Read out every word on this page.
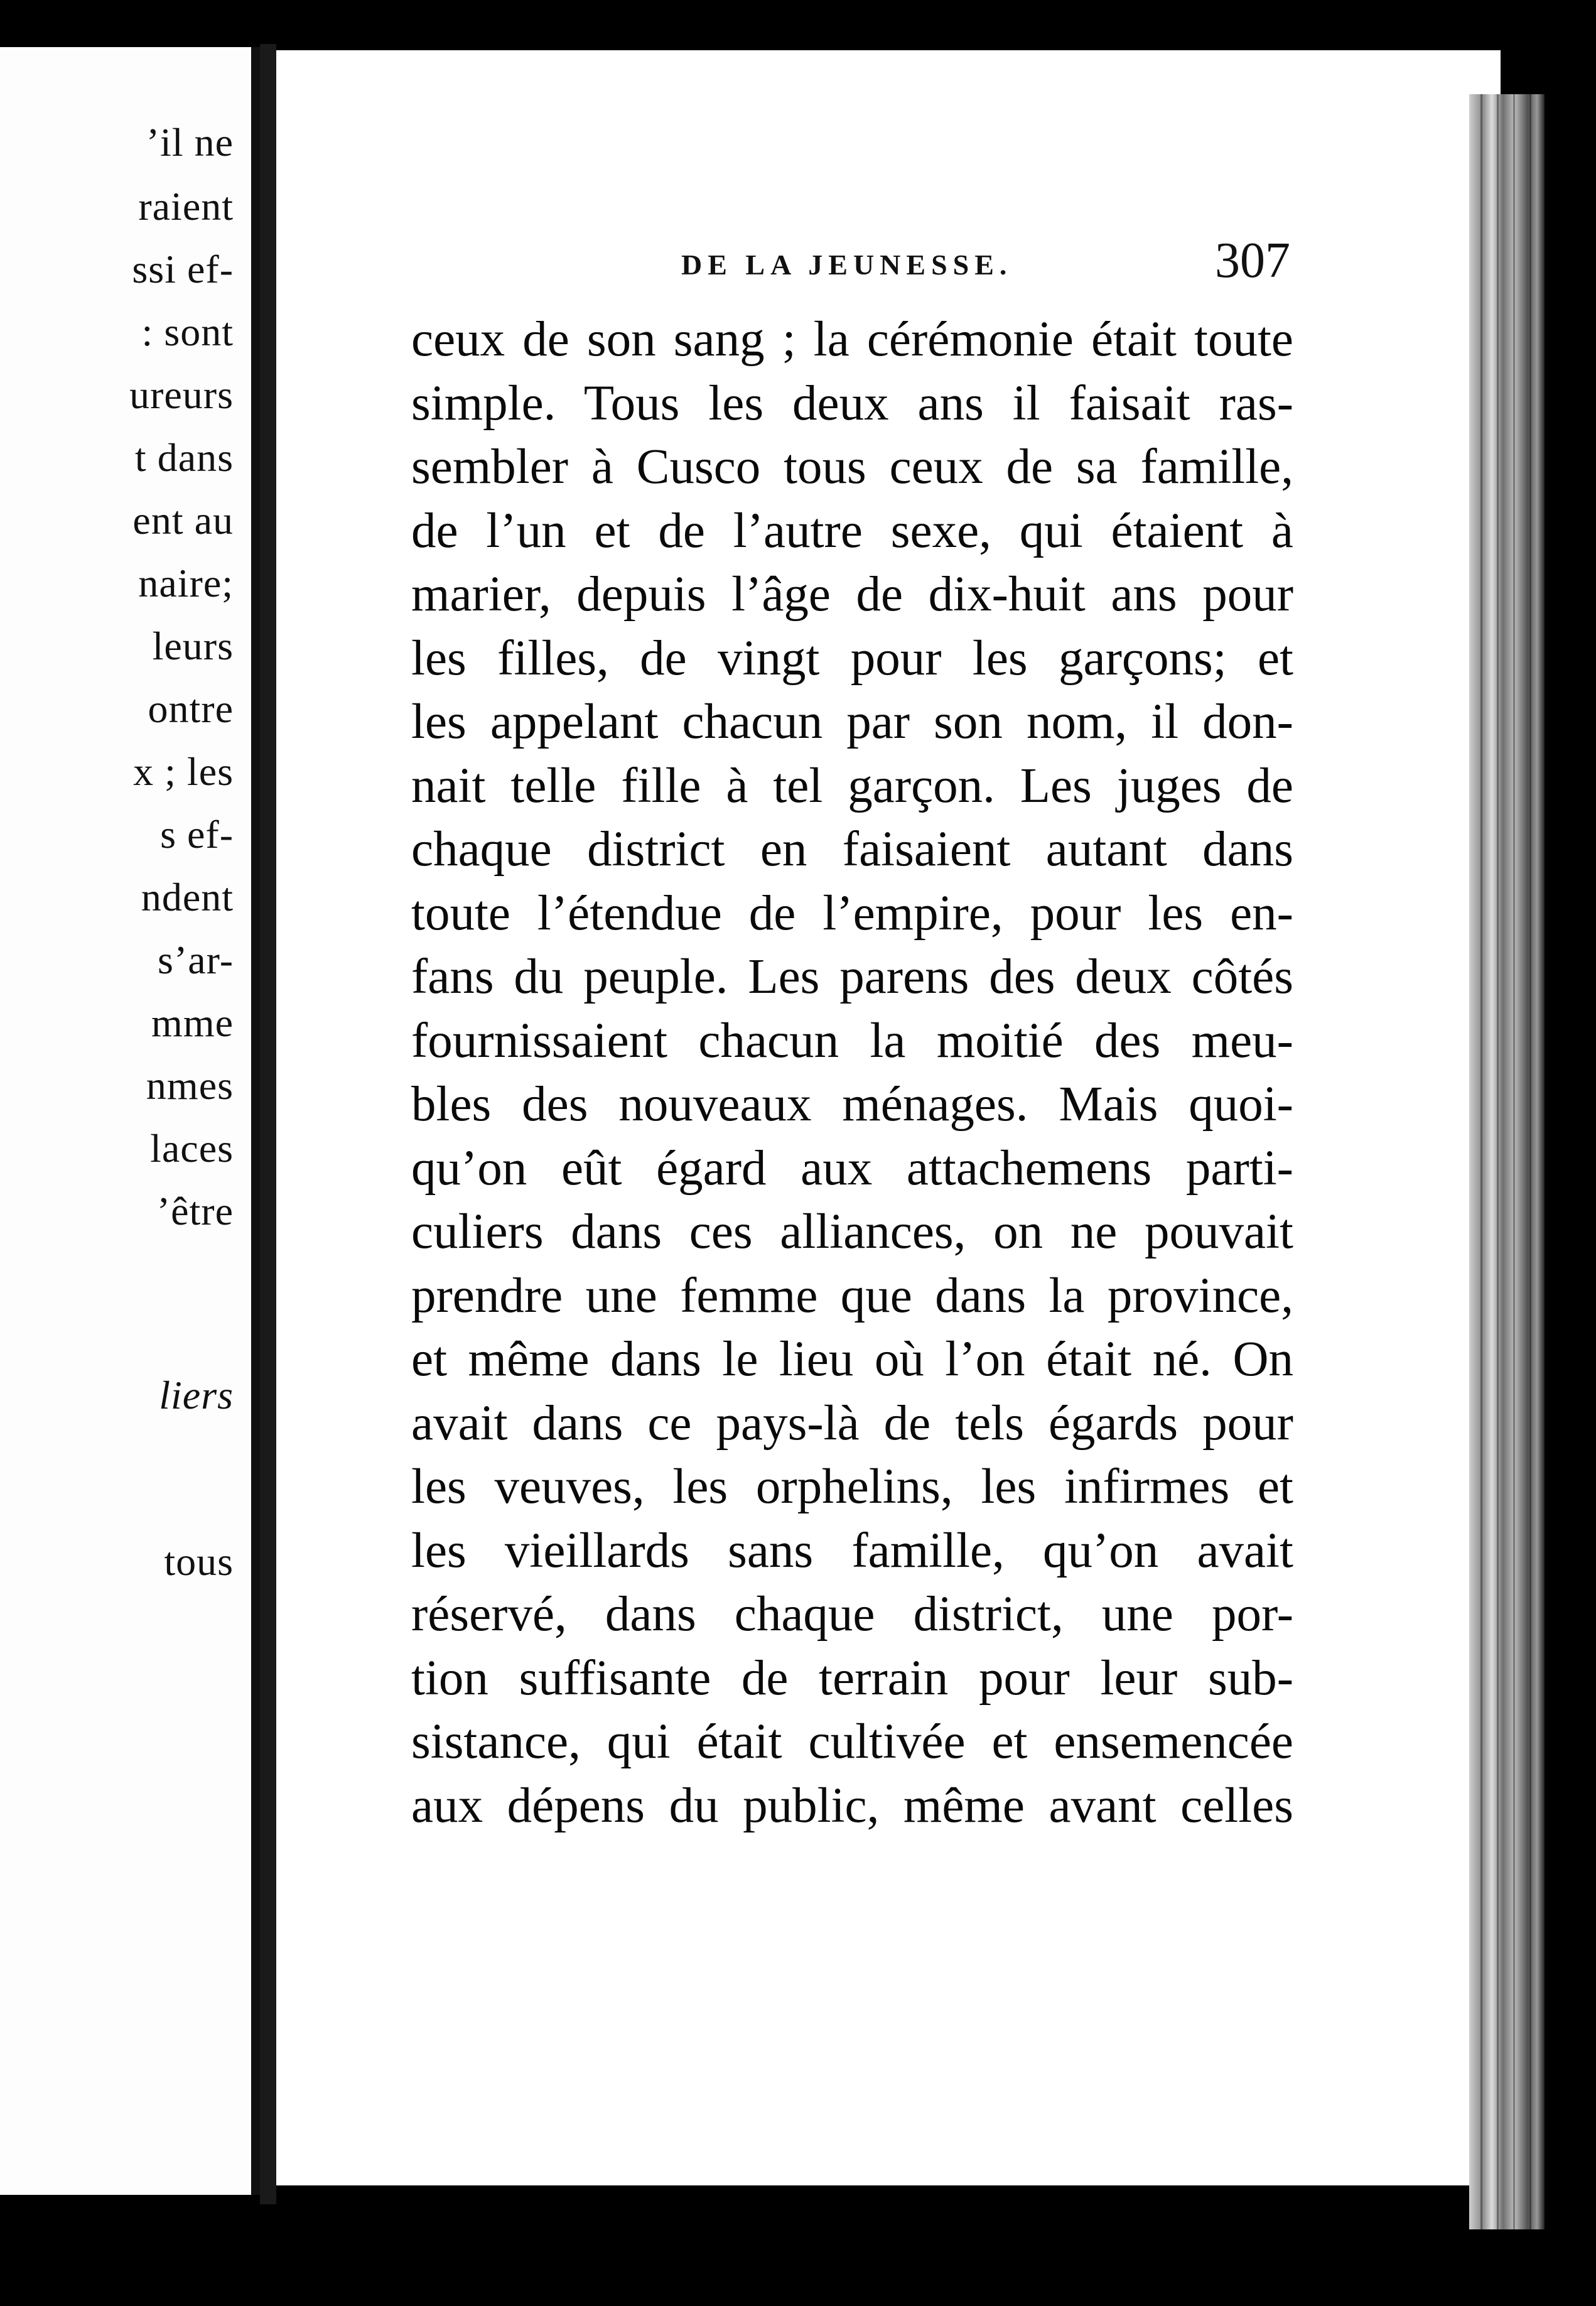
’il ne
raient
ssi ef-
: sont
ureurs
t dans
ent au
naire;
leurs
ontre
x ; les
s ef-
ndent
s’ar-
mme
nmes
laces
’être
liers
tous
DE LA JEUNESSE.	307
ceux de son sang ; la cérémonie était toute
simple. Tous les deux ans il faisait ras-
sembler à Cusco tous ceux de sa famille,
de l’un et de l’autre sexe, qui étaient à
marier, depuis l’âge de dix-huit ans pour
les filles, de vingt pour les garçons; et
les appelant chacun par son nom, il don-
nait telle fille à tel garçon. Les juges de
chaque district en faisaient autant dans
toute l’étendue de l’empire, pour les en-
fans du peuple. Les parens des deux côtés
fournissaient chacun la moitié des meu-
bles des nouveaux ménages. Mais quoi-
qu’on eût égard aux attachemens parti-
culiers dans ces alliances, on ne pouvait
prendre une femme que dans la province,
et même dans le lieu où l’on était né. On
avait dans ce pays-là de tels égards pour
les veuves, les orphelins, les infirmes et
les vieillards sans famille, qu’on avait
réservé, dans chaque district, une por-
tion suffisante de terrain pour leur sub-
sistance, qui était cultivée et ensemencée
aux dépens du public, même avant celles
